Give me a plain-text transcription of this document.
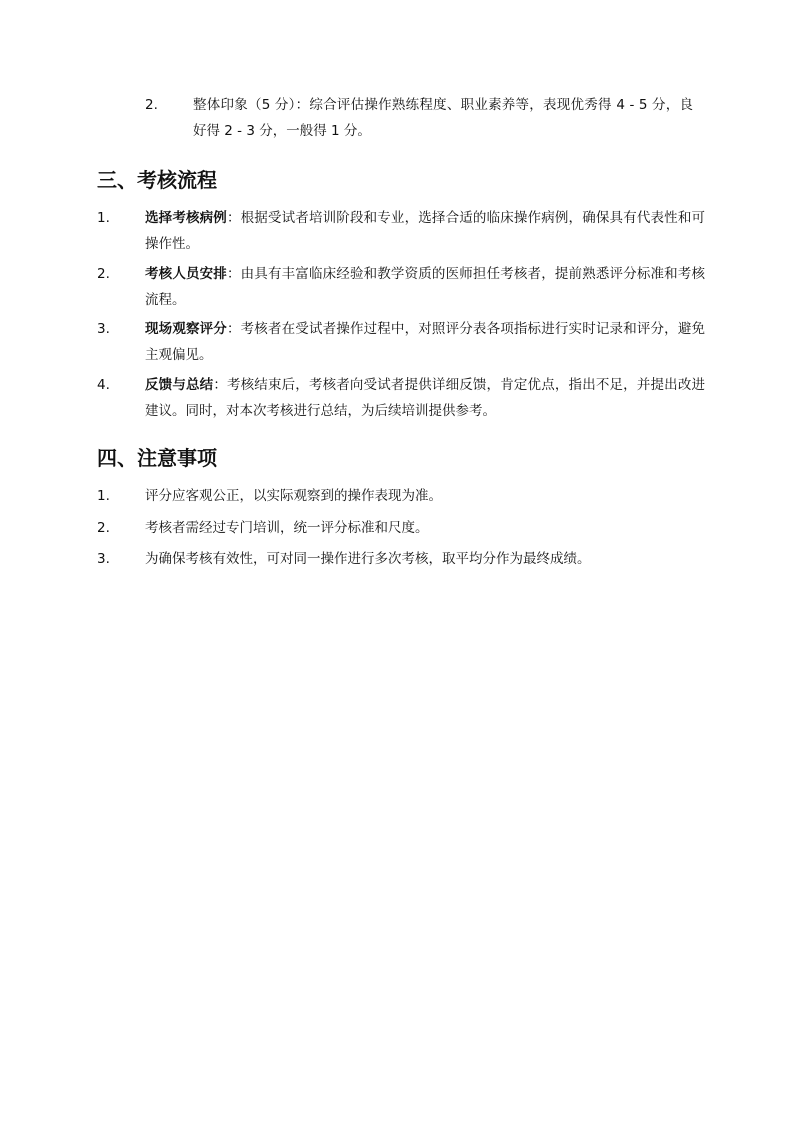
2.	整体印象（5 分）：综合评估操作熟练程度、职业素养等，表现优秀得 4 - 5 分，良好得 2 - 3 分，一般得 1 分。
三、考核流程
1.	选择考核病例：根据受试者培训阶段和专业，选择合适的临床操作病例，确保具有代表性和可操作性。
2.	考核人员安排：由具有丰富临床经验和教学资质的医师担任考核者，提前熟悉评分标准和考核流程。
3.	现场观察评分：考核者在受试者操作过程中，对照评分表各项指标进行实时记录和评分，避免主观偏见。
4.	反馈与总结：考核结束后，考核者向受试者提供详细反馈，肯定优点，指出不足，并提出改进建议。同时，对本次考核进行总结，为后续培训提供参考。
四、注意事项
1.	评分应客观公正，以实际观察到的操作表现为准。
2.	考核者需经过专门培训，统一评分标准和尺度。
3.	为确保考核有效性，可对同一操作进行多次考核，取平均分作为最终成绩。
